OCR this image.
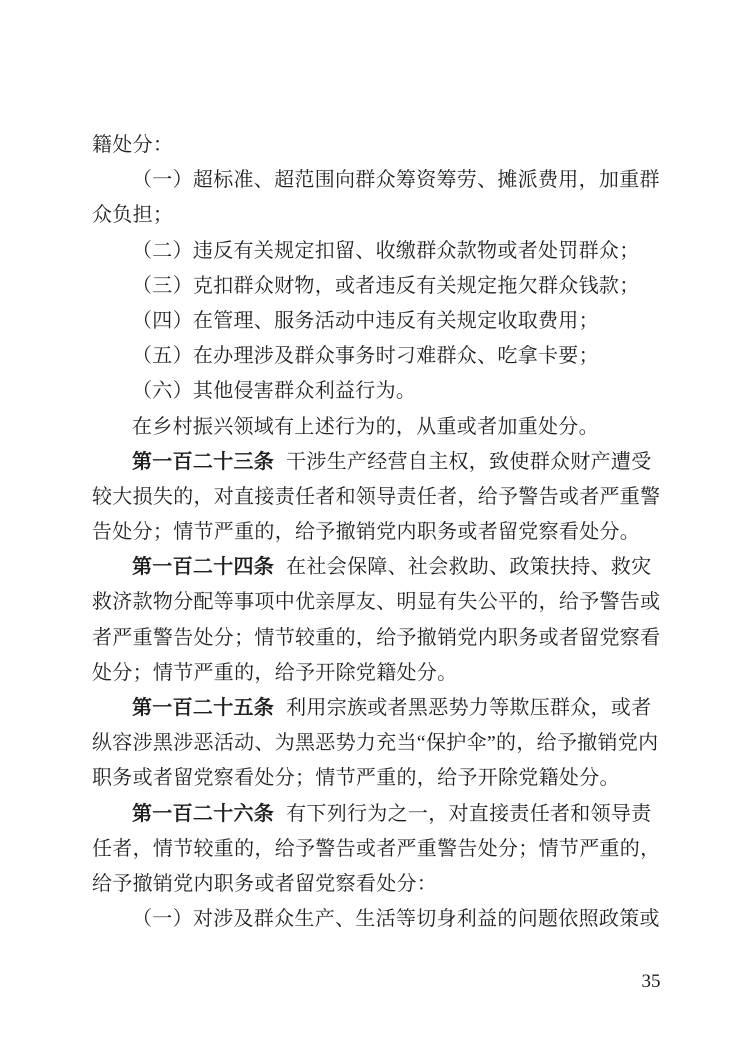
籍处分：
（一）超标准、超范围向群众筹资筹劳、摊派费用，加重群
众负担；
（二）违反有关规定扣留、收缴群众款物或者处罚群众；
（三）克扣群众财物，或者违反有关规定拖欠群众钱款；
（四）在管理、服务活动中违反有关规定收取费用；
（五）在办理涉及群众事务时刁难群众、吃拿卡要；
（六）其他侵害群众利益行为。
在乡村振兴领域有上述行为的，从重或者加重处分。
第一百二十三条 干涉生产经营自主权，致使群众财产遭受
较大损失的，对直接责任者和领导责任者，给予警告或者严重警
告处分；情节严重的，给予撤销党内职务或者留党察看处分。
第一百二十四条 在社会保障、社会救助、政策扶持、救灾
救济款物分配等事项中优亲厚友、明显有失公平的，给予警告或
者严重警告处分；情节较重的，给予撤销党内职务或者留党察看
处分；情节严重的，给予开除党籍处分。
第一百二十五条 利用宗族或者黑恶势力等欺压群众，或者
纵容涉黑涉恶活动、为黑恶势力充当“保护伞”的，给予撤销党内
职务或者留党察看处分；情节严重的，给予开除党籍处分。
第一百二十六条 有下列行为之一，对直接责任者和领导责
任者，情节较重的，给予警告或者严重警告处分；情节严重的，
给予撤销党内职务或者留党察看处分：
（一）对涉及群众生产、生活等切身利益的问题依照政策或
35
